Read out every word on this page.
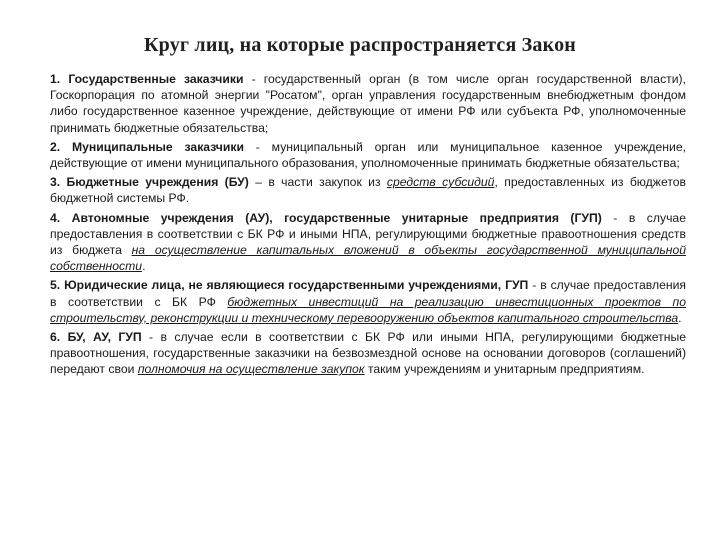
Круг лиц, на которые распространяется Закон
1. Государственные заказчики - государственный орган (в том числе орган государственной власти), Госкорпорация по атомной энергии "Росатом", орган управления государственным внебюджетным фондом либо государственное казенное учреждение, действующие от имени РФ или субъекта РФ, уполномоченные принимать бюджетные обязательства;
2. Муниципальные заказчики - муниципальный орган или муниципальное казенное учреждение, действующие от имени муниципального образования, уполномоченные принимать бюджетные обязательства;
3. Бюджетные учреждения (БУ) – в части закупок из средств субсидий, предоставленных из бюджетов бюджетной системы РФ.
4. Автономные учреждения (АУ), государственные унитарные предприятия (ГУП) - в случае предоставления в соответствии с БК РФ и иными НПА, регулирующими бюджетные правоотношения средств из бюджета на осуществление капитальных вложений в объекты государственной муниципальной собственности.
5. Юридические лица, не являющиеся государственными учреждениями, ГУП - в случае предоставления в соответствии с БК РФ бюджетных инвестиций на реализацию инвестиционных проектов по строительству, реконструкции и техническому перевооружению объектов капитального строительства.
6. БУ, АУ, ГУП - в случае если в соответствии с БК РФ или иными НПА, регулирующими бюджетные правоотношения, государственные заказчики на безвозмездной основе на основании договоров (соглашений) передают свои полномочия на осуществление закупок таким учреждениям и унитарным предприятиям.
